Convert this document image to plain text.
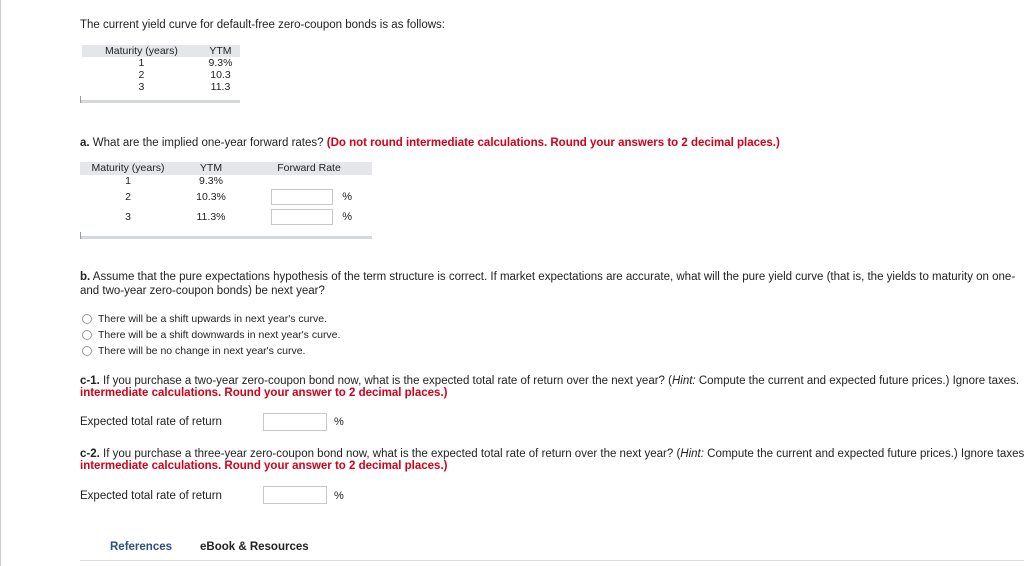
The current yield curve for default-free zero-coupon bonds is as follows:
Maturity (years)	YTM
1	9.3%
2	10.3
3	11.3
a. What are the implied one-year forward rates? (Do not round intermediate calculations. Round your answers to 2 decimal places.)
Maturity (years)	YTM	Forward Rate
1	9.3%	
2	10.3%	%
3	11.3%	%
b. Assume that the pure expectations hypothesis of the term structure is correct. If market expectations are accurate, what will the pure yield curve (that is, the yields to maturity on one- and two-year zero-coupon bonds) be next year?
There will be a shift upwards in next year's curve.
There will be a shift downwards in next year's curve.
There will be no change in next year's curve.
c-1. If you purchase a two-year zero-coupon bond now, what is the expected total rate of return over the next year? (Hint: Compute the current and expected future prices.) Ignore taxes.
intermediate calculations. Round your answer to 2 decimal places.)
Expected total rate of return	%
c-2. If you purchase a three-year zero-coupon bond now, what is the expected total rate of return over the next year? (Hint: Compute the current and expected future prices.) Ignore taxes
intermediate calculations. Round your answer to 2 decimal places.)
Expected total rate of return	%
References eBook & Resources
